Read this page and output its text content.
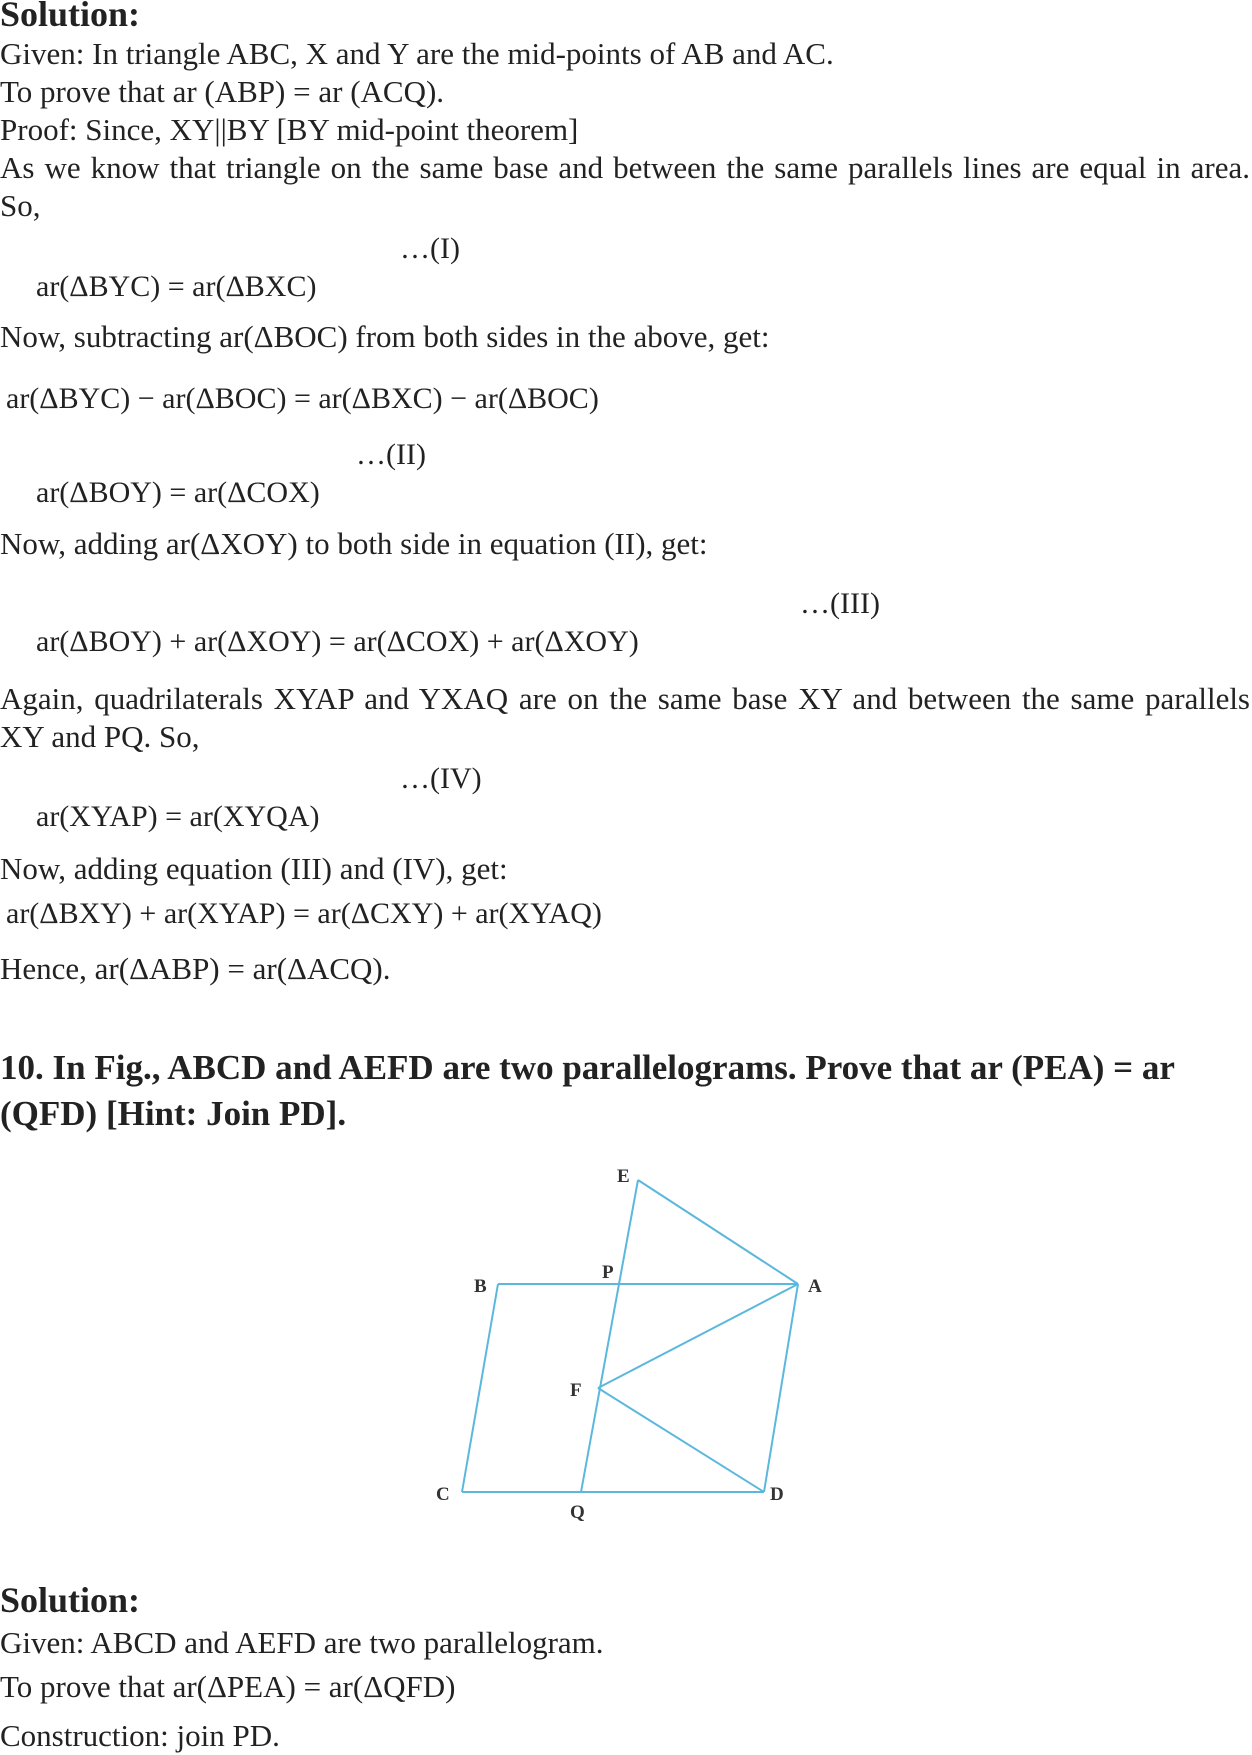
Solution:
Given: In triangle ABC, X and Y are the mid-points of AB and AC.
To prove that ar (ABP) = ar (ACQ).
Proof: Since, XY||BY [BY mid-point theorem]
As we know that triangle on the same base and between the same parallels lines are equal in area. So,

ar(ΔBYC) = ar(ΔBXC)

…(I)

Now, subtracting ar(ΔBOC) from both sides in the above, get:
ar(ΔBYC) − ar(ΔBOC) = ar(ΔBXC) − ar(ΔBOC)

ar(ΔBOY) = ar(ΔCOX)

…(II)

Now, adding ar(ΔXOY) to both side in equation (II), get:

ar(ΔBOY) + ar(ΔXOY) = ar(ΔCOX) + ar(ΔXOY)

…(III)

Again, quadrilaterals XYAP and YXAQ are on the same base XY and between the same parallels XY and PQ. So,

ar(XYAP) = ar(XYQA)

…(IV)

Now, adding equation (III) and (IV), get:
ar(ΔBXY) + ar(XYAP) = ar(ΔCXY) + ar(XYAQ)
Hence, ar(ΔABP) = ar(ΔACQ).
10. In Fig., ABCD and AEFD are two parallelograms. Prove that ar (PEA) = ar (QFD) [Hint: Join PD].
E
P
B	A
F
C
Q
D
Solution:
Given: ABCD and AEFD are two parallelogram.
To prove that ar(ΔPEA) = ar(ΔQFD)
Construction: join PD.
